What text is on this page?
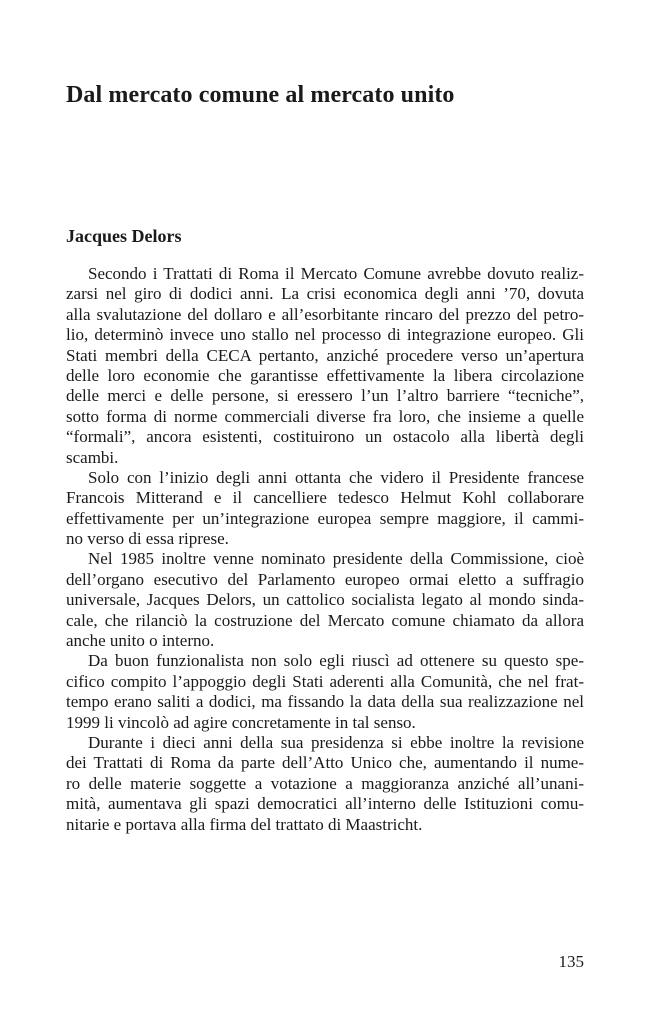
Dal mercato comune al mercato unito
Jacques Delors

Secondo i Trattati di Roma il Mercato Comune avrebbe dovuto realiz-
zarsi nel giro di dodici anni. La crisi economica degli anni ’70, dovuta
alla svalutazione del dollaro e all’esorbitante rincaro del prezzo del petro-
lio, determinò invece uno stallo nel processo di integrazione europeo. Gli
Stati membri della CECA pertanto, anziché procedere verso un’apertura
delle loro economie che garantisse effettivamente la libera circolazione
delle merci e delle persone, si eressero l’un l’altro barriere “tecniche”,
sotto forma di norme commerciali diverse fra loro, che insieme a quelle
“formali”, ancora esistenti, costituirono un ostacolo alla libertà degli
scambi.

Solo con l’inizio degli anni ottanta che videro il Presidente francese
Francois Mitterand e il cancelliere tedesco Helmut Kohl collaborare
effettivamente per un’integrazione europea sempre maggiore, il cammi-
no verso di essa riprese.

Nel 1985 inoltre venne nominato presidente della Commissione, cioè
dell’organo esecutivo del Parlamento europeo ormai eletto a suffragio
universale, Jacques Delors, un cattolico socialista legato al mondo sinda-
cale, che rilanciò la costruzione del Mercato comune chiamato da allora
anche unito o interno.

Da buon funzionalista non solo egli riuscì ad ottenere su questo spe-
cifico compito l’appoggio degli Stati aderenti alla Comunità, che nel frat-
tempo erano saliti a dodici, ma fissando la data della sua realizzazione nel
1999 li vincolò ad agire concretamente in tal senso.

Durante i dieci anni della sua presidenza si ebbe inoltre la revisione
dei Trattati di Roma da parte dell’Atto Unico che, aumentando il nume-
ro delle materie soggette a votazione a maggioranza anziché all’unani-
mità, aumentava gli spazi democratici all’interno delle Istituzioni comu-
nitarie e portava alla firma del trattato di Maastricht.

135
